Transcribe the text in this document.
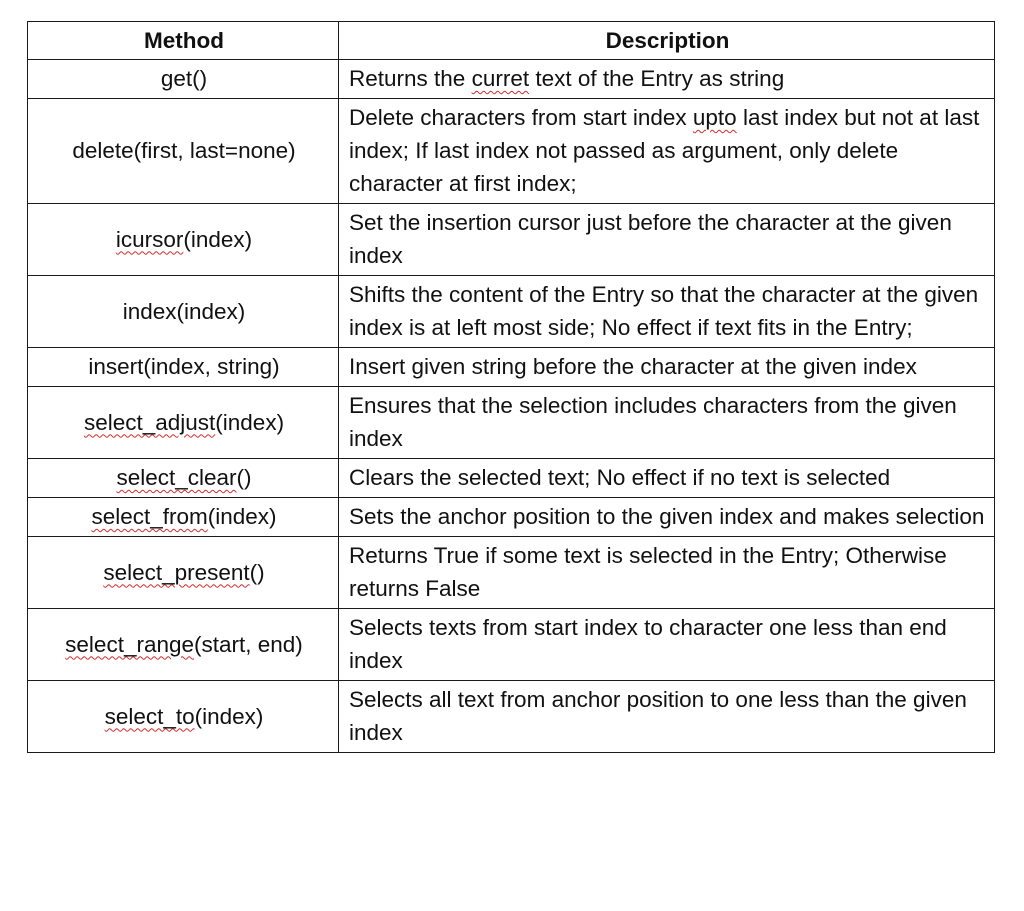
Method	Description
get()	Returns the curret text of the Entry as string
delete(first, last=none)	Delete characters from start index upto last index but not at last index; If last index not passed as argument, only delete character at first index;
icursor(index)	Set the insertion cursor just before the character at the given index
index(index)	Shifts the content of the Entry so that the character at the given index is at left most side; No effect if text fits in the Entry;
insert(index, string)	Insert given string before the character at the given index
select_adjust(index)	Ensures that the selection includes characters from the given index
select_clear()	Clears the selected text; No effect if no text is selected
select_from(index)	Sets the anchor position to the given index and makes selection
select_present()	Returns True if some text is selected in the Entry; Otherwise returns False
select_range(start, end)	Selects texts from start index to character one less than end index
select_to(index)	Selects all text from anchor position to one less than the given index
